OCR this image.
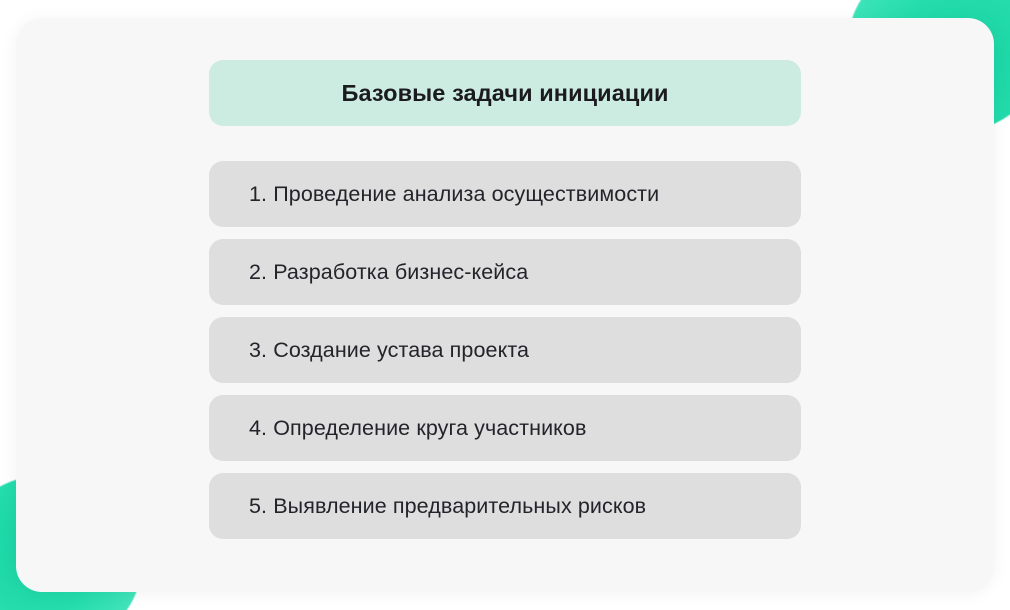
Базовые задачи инициации
1. Проведение анализа осуществимости
2. Разработка бизнес-кейса
3. Создание устава проекта
4. Определение круга участников
5. Выявление предварительных рисков
